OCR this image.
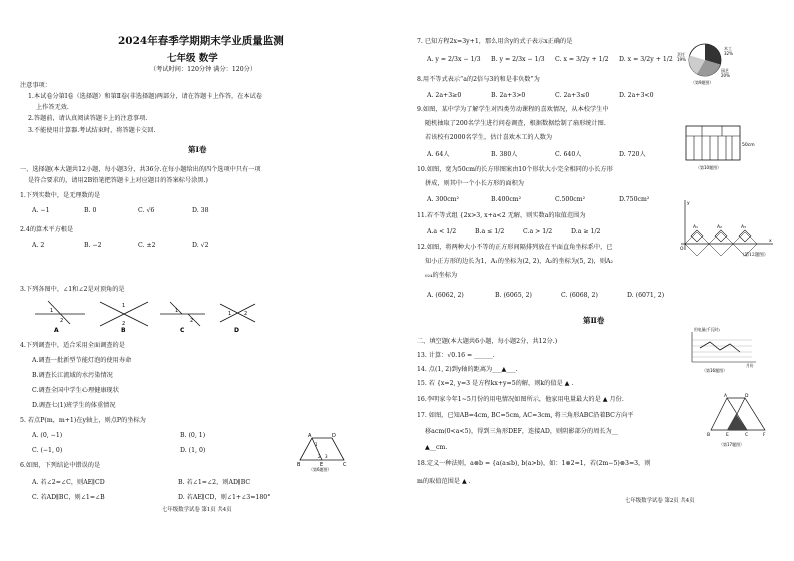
2024年春季学期期末学业质量监测
七年级 数学
（考试时间：120分钟 满分：120分）
注意事项：
1.本试卷分第Ⅰ卷（选择题）和第Ⅱ卷(非选择题)两部分，请在答题卡上作答，在本试卷
上作答无效.
2.答题前，请认真阅读答题卡上的注意事项.
3.不能使用计算器.考试结束时，将答题卡交回.
第Ⅰ卷
一、选择题(本大题共12小题，每小题3分，共36分.在每小题给出的四个选项中只有一项
是符合要求的，请用2B铅笔把答题卡上对应题目的答案标号涂黑.)
1.下列实数中，是无理数的是
A. −1	B. 0	C. √6	D. 38
2.4的算术平方根是
A. 2	B. −2	C. ±2	D. √2
3.下列各图中，∠1和∠2是对顶角的是
1
2
A
1
2
B
1
2
C
1	2
D
4.下列调查中，适合采用全面调查的是
A.调查一批新型节能灯泡的使用寿命
B.调查长江流域的水污染情况
C.调查全国中学生心理健康现状
D.调查七(1)班学生的体重情况
5. 若点P(m，m+1)在y轴上，则点P的坐标为
A. (0, −1)	B. (0, 1)
C. (−1, 0)	D. (1, 0)
6.如图，下列结论中错误的是
A. 若∠2=∠C，则AE∥CD	B. 若∠1=∠2，则AD∥BC
C. 若AD∥BC，则∠1=∠B	D. 若AE∥CD，则∠1+∠3=180°
A	D
B	E	C
1
2 3
（第6题图）
七年级数学试卷 第1页 共4页
7. 已知方程2x=3y+1，那么用含y的式子表示x正确的是
A. y = 2/3x − 1/3 B. y = 2/3x − 1/3 C. x = 3/2y + 1/2 D. x = 3/2y + 1/2
8.用不等式表示“a的2倍与3的和是非负数”为
A. 2a+3≥0	B. 2a+3>0	C. 2a+3≤0	D. 2a+3<0
木工
32%
烹饪
19%
园艺
20%
（第9题图）
9.如图，某中学为了解学生对四类劳动课程的喜欢情况，从本校学生中
随机抽取了200名学生进行问卷调查，根据数据绘制了扇形统计图.
若该校有2000名学生，估计喜欢木工的人数为
A. 64人	B. 380人	C. 640人	D. 720人
50cm
（第10题图）
10.如图，宽为50cm的长方形图案由10个形状大小完全相同的小长方形
拼成，则其中一个小长方形的面积为
A. 300cm²	B.400cm²	C.500cm²	D.750cm²
11.若不等式组 {2x>3, x+a<2 无解，则实数a的取值范围为
A.a < 1/2	B.a ≤ 1/2	C.a > 1/2	D.a ≥ 1/2
A₁	A₂	A₃
y
x
O
（第12题图）
12.如图，将两种大小不等的正方形间隔排列放在平面直角坐标系中，已
知小正方形的边长为1，A₁的坐标为(2, 2)，A₂的坐标为(5, 2)，则A₂
₀₂₄的坐标为
A. (6062, 2)	B. (6065, 2)	C. (6068, 2)	D. (6071, 2)
第Ⅱ卷
二、填空题(本大题共6小题，每小题2分，共12分.)
用电量(千瓦时)
月份
（第16题图）
13. 计算：√0.16 = ______.
14. 点(1, 2)到y轴的距离为___▲___.
15. 若 {x=2, y=3 是方程kx+y=5的解，则k的值是 ▲ .
16.李明家今年1~5月份的用电情况如图所示，他家用电量最大的是 ▲ 月份.	A	D
B	E	C	F
（第17题图）
17. 如图，已知AB=4cm, BC=5cm, AC=3cm, 将三角形ABC沿着BC方向平
移acm(0<a<5)，得到三角形DEF，连接AD，则阴影部分的周长为__
▲__cm.
18.定义一种法则，a⊗b = {a(a≤b), b(a>b)，如：1⊗2=1，若(2m−5)⊗3=3，则
m的取值范围是 ▲ .
七年级数学试卷 第2页 共4页
